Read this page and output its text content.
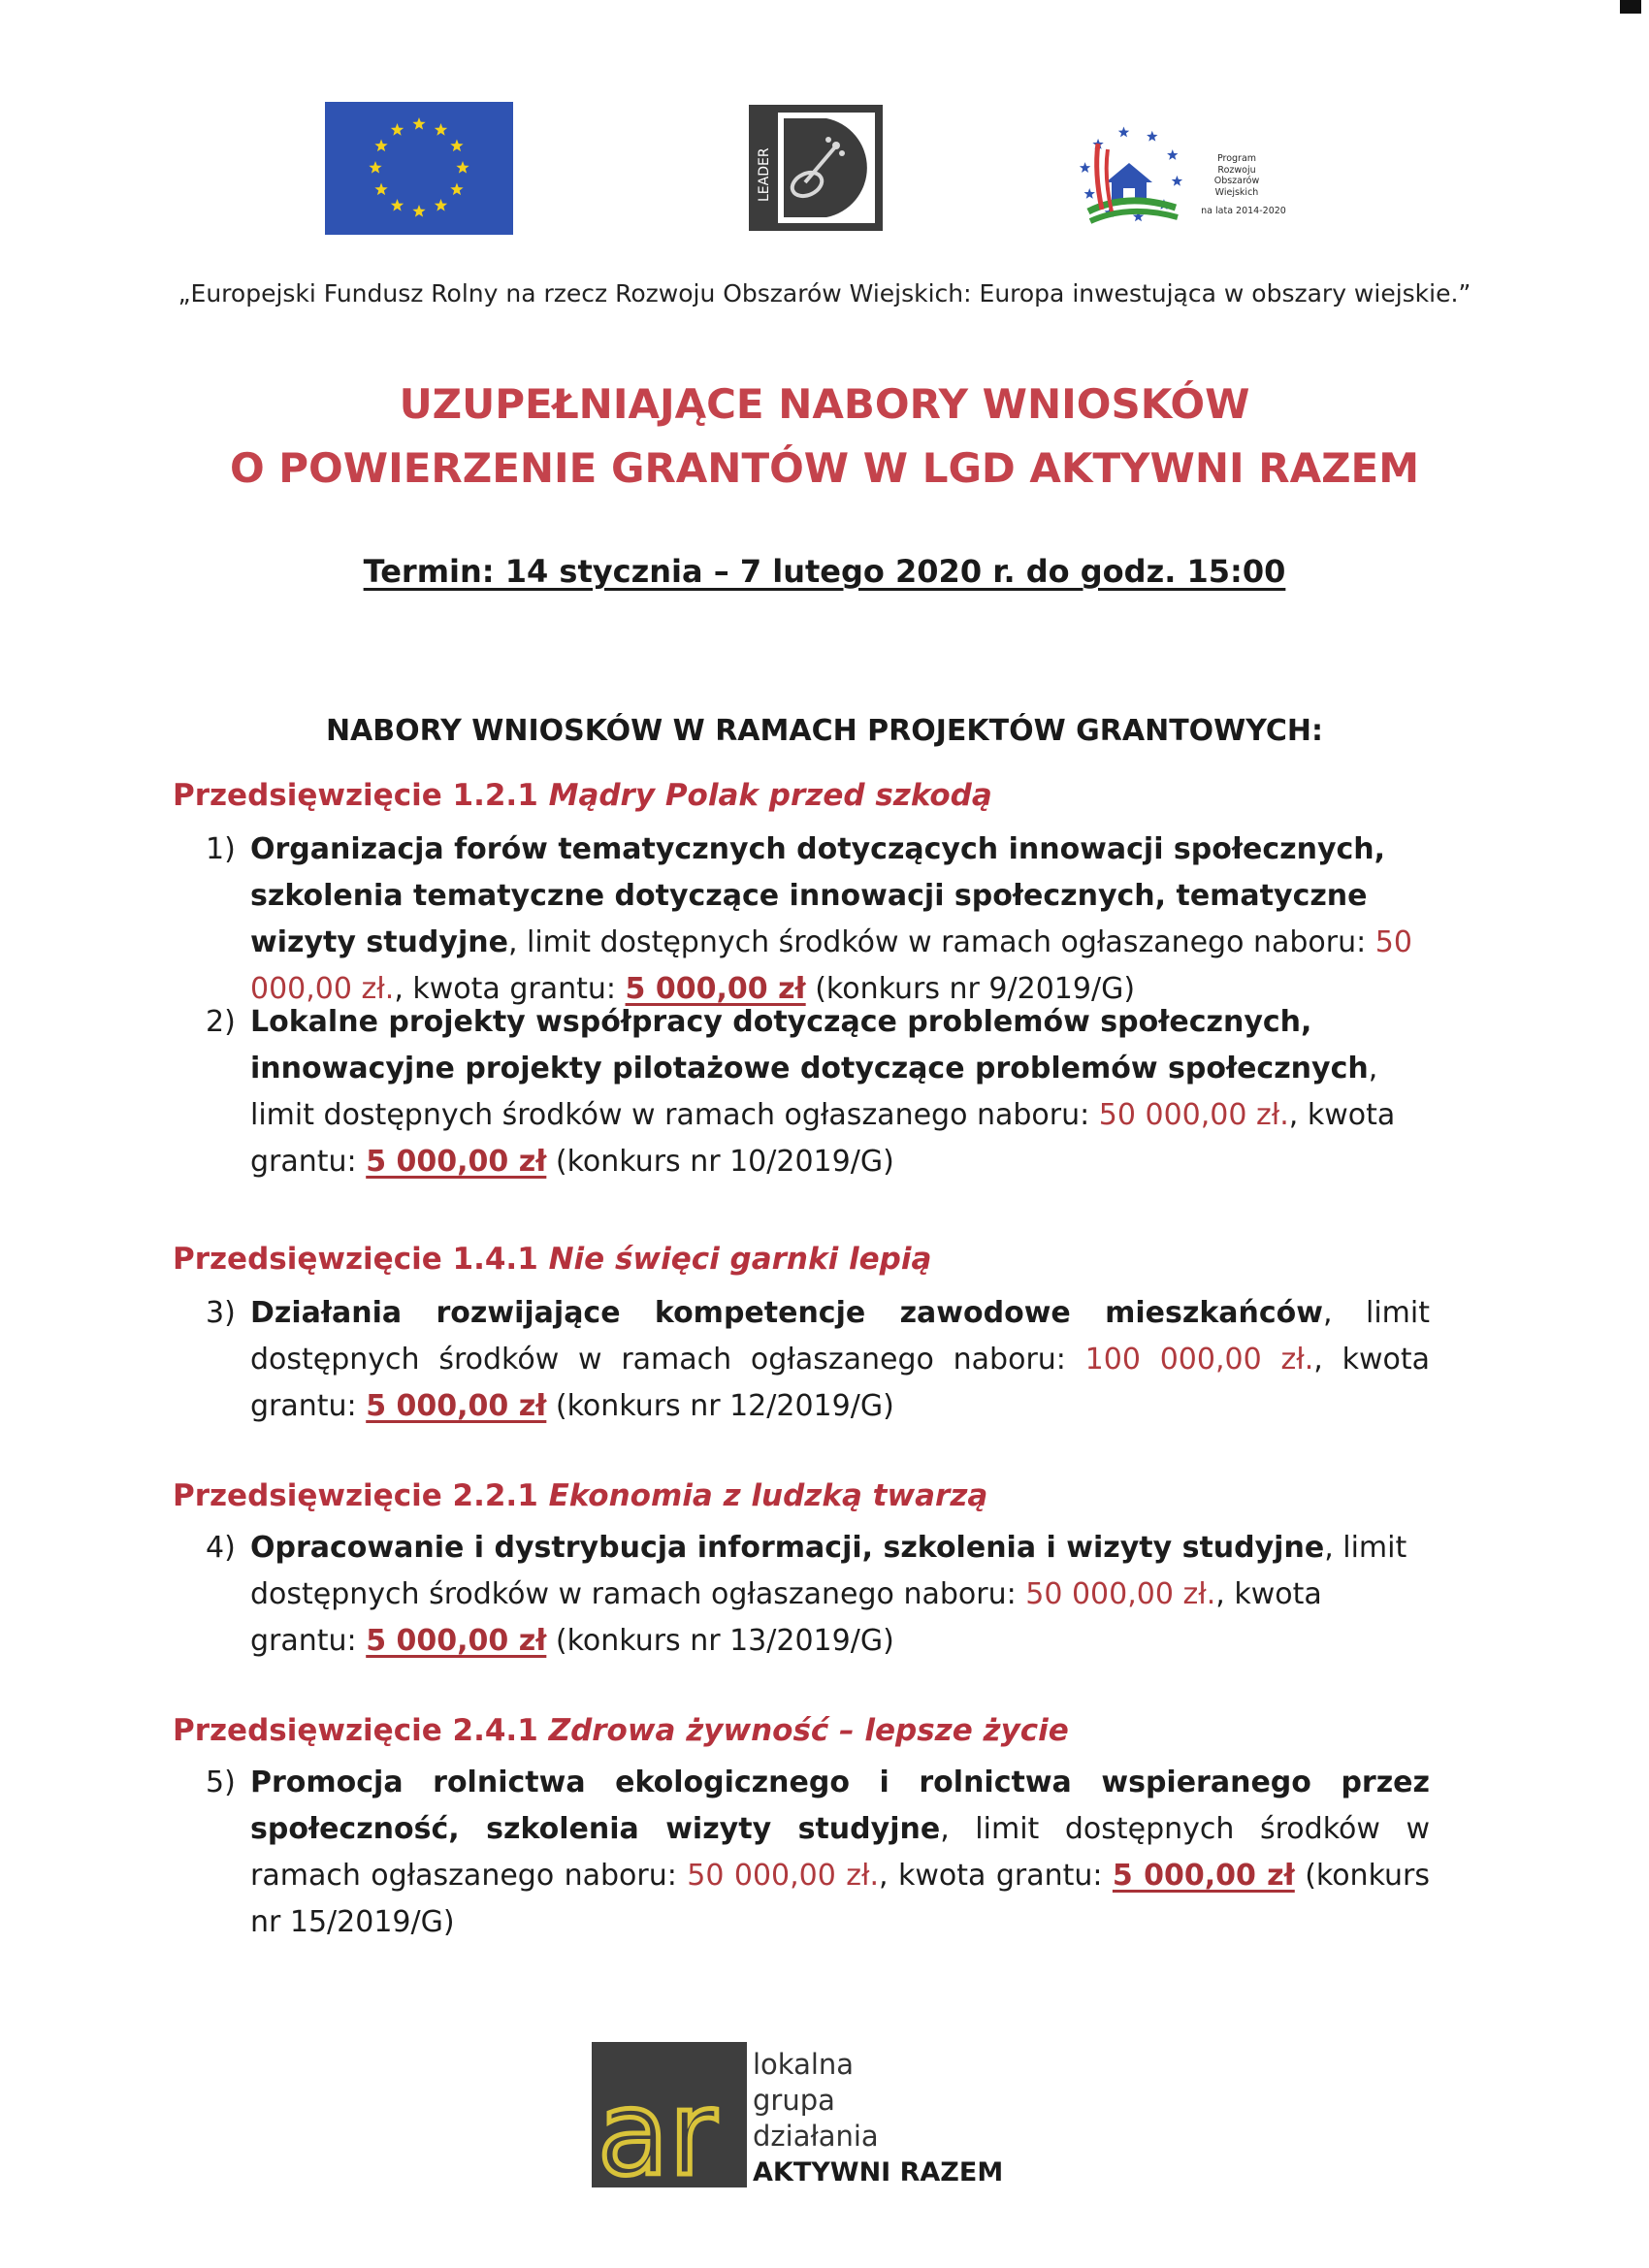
LEADER	Program
Rozwoju
Obszarów
Wiejskich
na lata 2014-2020
„Europejski Fundusz Rolny na rzecz Rozwoju Obszarów Wiejskich: Europa inwestująca w obszary wiejskie.”
UZUPEŁNIAJĄCE NABORY WNIOSKÓW
O POWIERZENIE GRANTÓW W LGD AKTYWNI RAZEM
Termin: 14 stycznia – 7 lutego 2020 r. do godz. 15:00
NABORY WNIOSKÓW W RAMACH PROJEKTÓW GRANTOWYCH:
Przedsięwzięcie 1.2.1 Mądry Polak przed szkodą
1) Organizacja forów tematycznych dotyczących innowacji społecznych, szkolenia tematyczne dotyczące innowacji społecznych, tematyczne wizyty studyjne, limit dostępnych środków w ramach ogłaszanego naboru: 50 000,00 zł., kwota grantu: 5 000,00 zł (konkurs nr 9/2019/G)
2) Lokalne projekty współpracy dotyczące problemów społecznych, innowacyjne projekty pilotażowe dotyczące problemów społecznych, limit dostępnych środków w ramach ogłaszanego naboru: 50 000,00 zł., kwota grantu: 5 000,00 zł (konkurs nr 10/2019/G)
Przedsięwzięcie 1.4.1 Nie święci garnki lepią
3) Działania rozwijające kompetencje zawodowe mieszkańców, limit dostępnych środków w ramach ogłaszanego naboru: 100 000,00 zł., kwota grantu: 5 000,00 zł (konkurs nr 12/2019/G)
Przedsięwzięcie 2.2.1 Ekonomia z ludzką twarzą
4) Opracowanie i dystrybucja informacji, szkolenia i wizyty studyjne, limit dostępnych środków w ramach ogłaszanego naboru: 50 000,00 zł., kwota grantu: 5 000,00 zł (konkurs nr 13/2019/G)
Przedsięwzięcie 2.4.1 Zdrowa żywność – lepsze życie
5) Promocja rolnictwa ekologicznego i rolnictwa wspieranego przez społeczność, szkolenia wizyty studyjne, limit dostępnych środków w ramach ogłaszanego naboru: 50 000,00 zł., kwota grantu: 5 000,00 zł (konkurs nr 15/2019/G)
ar
lokalna
grupa
działania
AKTYWNI RAZEM
